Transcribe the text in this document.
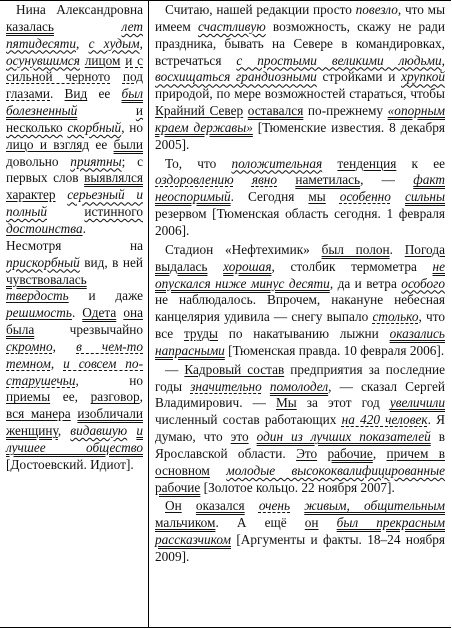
Нина Александровна казалась	лет пятидесяти, с худым, осунувшимся лицом и с сильной черното под глазами. Вид ее был болезненный	и несколько скорбный, но лицо и взгляд ее были довольно приятны; с первых слов выявлялся характер серьезный и полный	истинного достоинства. Несмотря на прискорбный вид, в ней чувствовалась твердость и даже решимость. Одета она была чрезвычайно скромно, в чем-то темном, и совсем по-старушечьи, но приемы ее, разговор, вся манера изобличали женщину, видавшую и лучшее общество [Достоевский. Идиот].

Считаю, нашей редакции просто повезло, что мы имеем счастливую возможность, скажу не ради праздника, бывать на Севере в командировках, встречаться с простыми великими людьми, восхищаться грандиозными стройками и хрупкой природой, по мере возможностей стараться, чтобы Крайний Север оставался по-прежнему «опорным краем державы» [Тюменские известия. 8 декабря 2005].

То, что положительная тенденция к ее оздоровлению явно наметилась, — факт неоспоримый. Сегодня мы особенно сильны резервом [Тюменская область сегодня. 1 февраля 2006].

Стадион «Нефтехимик» был полон. Погода выдалась хорошая, столбик термометра не опускался ниже минус десяти, да и ветра особого не наблюдалось. Впрочем, накануне небесная канцелярия удивила — снегу выпало столько, что все труды по накатыванию лыжни оказались напрасными [Тюменская правда. 10 февраля 2006].

— Кадровый состав предприятия за последние годы значительно помолодел, — сказал Сергей Владимирович. — Мы за этот год увеличили численный состав работающих на 420 человек. Я думаю, что это один из лучших показателей в Ярославской области. Это рабочие, причем в основном молодые высококвалифицированные рабочие [Золотое кольцо. 22 ноября 2007].

Он оказался очень живым, общительным мальчиком. А ещё он был прекрасным рассказчиком [Аргументы и факты. 18–24 ноября 2009].
